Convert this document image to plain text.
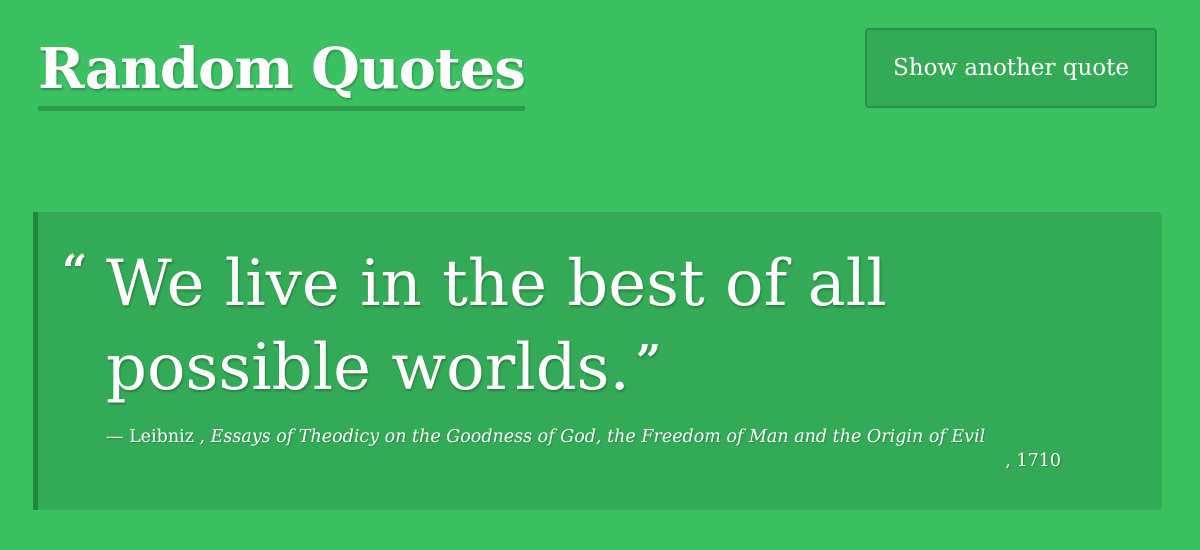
Random Quotes	Show another quote
“ We live in the best of all possible worlds. ”

— Leibniz , Essays of Theodicy on the Goodness of God, the Freedom of Man and the Origin of Evil
, 1710
